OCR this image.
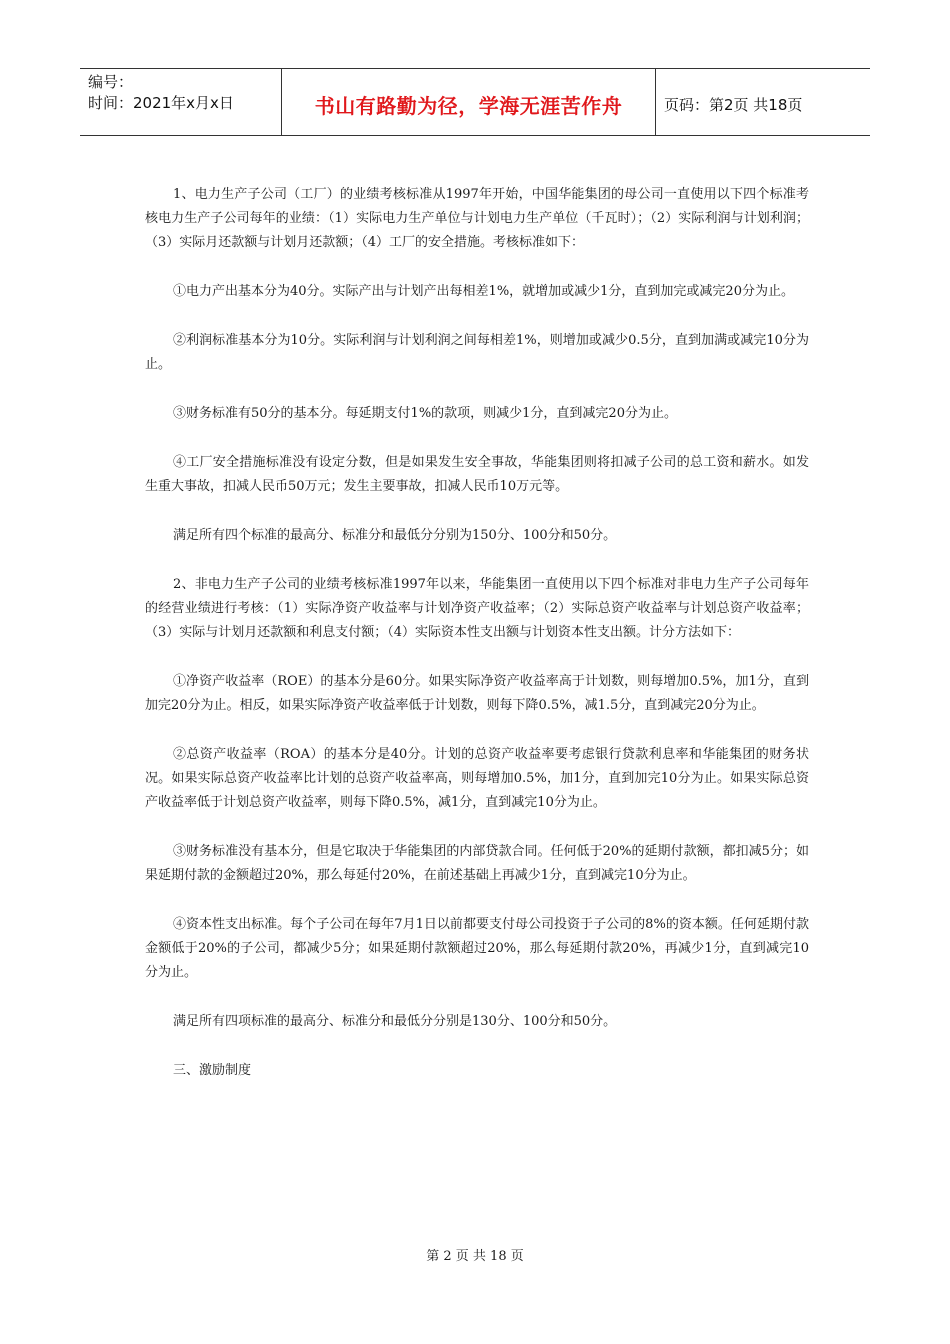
编号：
时间：2021年x月x日	书山有路勤为径，学海无涯苦作舟	页码：第2页 共18页

1、电力生产子公司（工厂）的业绩考核标准从1997年开始，中国华能集团的母公司一直使用以下四个标准考核电力生产子公司每年的业绩：（1）实际电力生产单位与计划电力生产单位（千瓦时）；（2）实际利润与计划利润；（3）实际月还款额与计划月还款额；（4）工厂的安全措施。考核标准如下：

①电力产出基本分为40分。实际产出与计划产出每相差1%，就增加或减少1分，直到加完或减完20分为止。

②利润标准基本分为10分。实际利润与计划利润之间每相差1%，则增加或减少0.5分，直到加满或减完10分为止。

③财务标准有50分的基本分。每延期支付1%的款项，则减少1分，直到减完20分为止。

④工厂安全措施标准没有设定分数，但是如果发生安全事故，华能集团则将扣减子公司的总工资和薪水。如发生重大事故，扣减人民币50万元；发生主要事故，扣减人民币10万元等。

满足所有四个标准的最高分、标准分和最低分分别为150分、100分和50分。

2、非电力生产子公司的业绩考核标准1997年以来，华能集团一直使用以下四个标准对非电力生产子公司每年的经营业绩进行考核：（1）实际净资产收益率与计划净资产收益率；（2）实际总资产收益率与计划总资产收益率；（3）实际与计划月还款额和利息支付额；（4）实际资本性支出额与计划资本性支出额。计分方法如下：

①净资产收益率（ROE）的基本分是60分。如果实际净资产收益率高于计划数，则每增加0.5%，加1分，直到加完20分为止。相反，如果实际净资产收益率低于计划数，则每下降0.5%，减1.5分，直到减完20分为止。

②总资产收益率（ROA）的基本分是40分。计划的总资产收益率要考虑银行贷款利息率和华能集团的财务状况。如果实际总资产收益率比计划的总资产收益率高，则每增加0.5%，加1分，直到加完10分为止。如果实际总资产收益率低于计划总资产收益率，则每下降0.5%，减1分，直到减完10分为止。

③财务标准没有基本分，但是它取决于华能集团的内部贷款合同。任何低于20%的延期付款额，都扣减5分；如果延期付款的金额超过20%，那么每延付20%，在前述基础上再减少1分，直到减完10分为止。

④资本性支出标准。每个子公司在每年7月1日以前都要支付母公司投资于子公司的8%的资本额。任何延期付款金额低于20%的子公司，都减少5分；如果延期付款额超过20%，那么每延期付款20%，再减少1分，直到减完10分为止。

满足所有四项标准的最高分、标准分和最低分分别是130分、100分和50分。

三、激励制度

第 2 页 共 18 页
